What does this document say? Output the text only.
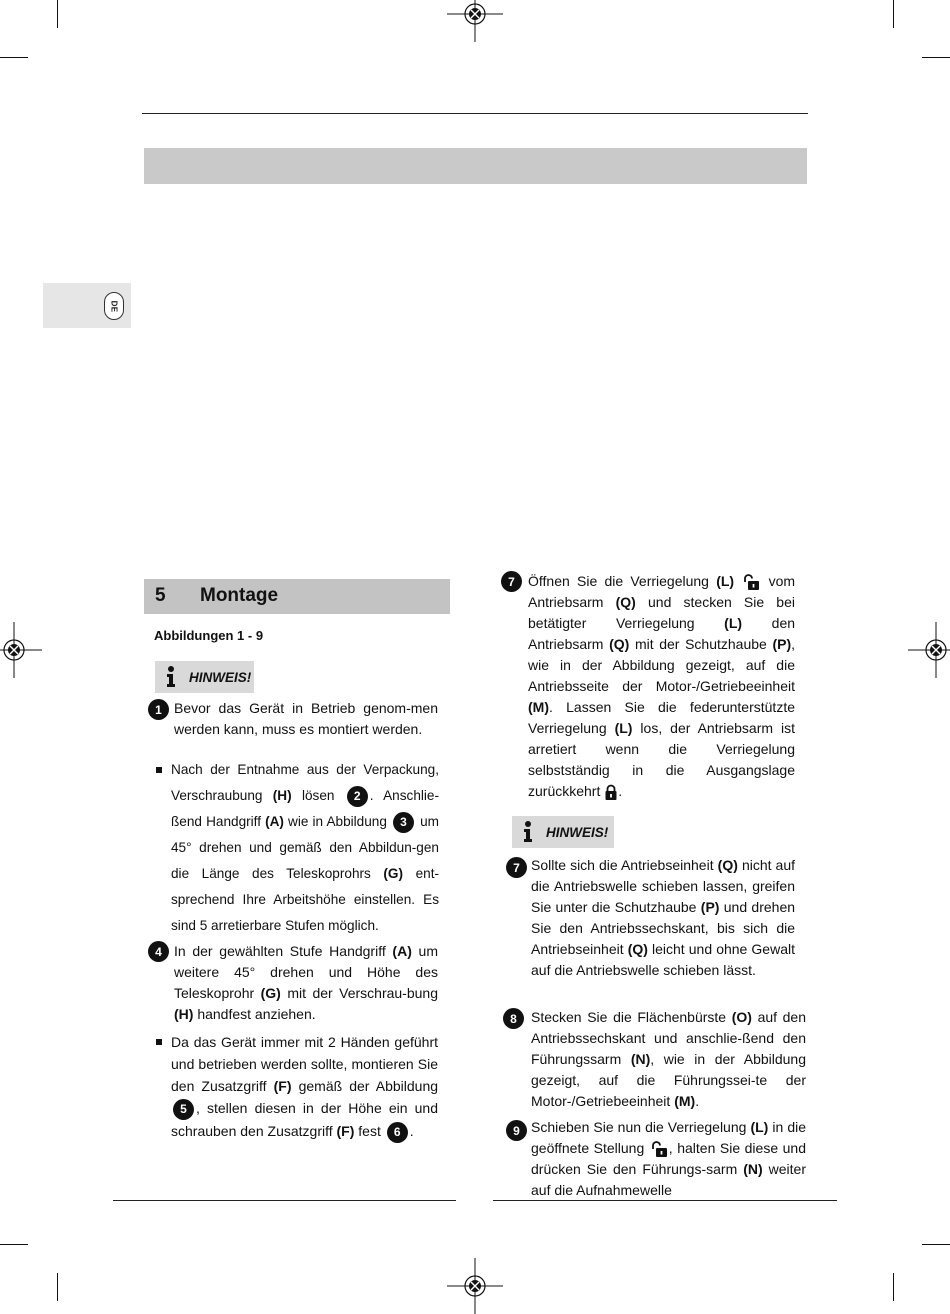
DE
5 Montage
Abbildungen 1 - 9
HINWEIS!
1 Bevor das Gerät in Betrieb genom-men werden kann, muss es montiert werden.
Nach der Entnahme aus der Verpackung, Verschraubung (H) lösen 2 . Anschlie-ßend Handgriff (A) wie in Abbildung 3 um 45° drehen und gemäß den Abbildun-gen die Länge des Teleskoprohrs (G) ent-sprechend Ihre Arbeitshöhe einstellen. Es sind 5 arretierbare Stufen möglich.
4 In der gewählten Stufe Handgriff (A) um weitere 45° drehen und Höhe des Teleskoprohr (G) mit der Verschrau-bung (H) handfest anziehen.
Da das Gerät immer mit 2 Händen geführt und betrieben werden sollte, montieren Sie den Zusatzgriff (F) gemäß der Abbildung 5 , stellen diesen in der Höhe ein und schrauben den Zusatzgriff (F) fest 6 .
7 Öffnen Sie die Verriegelung (L) vom Antriebsarm (Q) und stecken Sie bei betätigter Verriegelung (L) den Antriebsarm (Q) mit der Schutzhaube (P), wie in der Abbildung gezeigt, auf die Antriebsseite der Motor-/Getriebeeinheit (M). Lassen Sie die federunterstützte Verriegelung (L) los, der Antriebsarm ist arretiert wenn die Verriegelung selbstständig in die Ausgangslage zurückkehrt .
HINWEIS!
7 Sollte sich die Antriebseinheit (Q) nicht auf die Antriebswelle schieben lassen, greifen Sie unter die Schutzhaube (P) und drehen Sie den Antriebssechskant, bis sich die Antriebseinheit (Q) leicht und ohne Gewalt auf die Antriebswelle schieben lässt.
8	Stecken Sie die Flächenbürste (O) auf den Antriebssechskant und anschlie-ßend den Führungssarm (N), wie in der Abbildung gezeigt, auf die Führungssei-te der Motor-/Getriebeeinheit (M).
9 Schieben Sie nun die Verriegelung (L) in die geöffnete Stellung , halten Sie diese und drücken Sie den Führungs-sarm (N) weiter auf die Aufnahmewelle
